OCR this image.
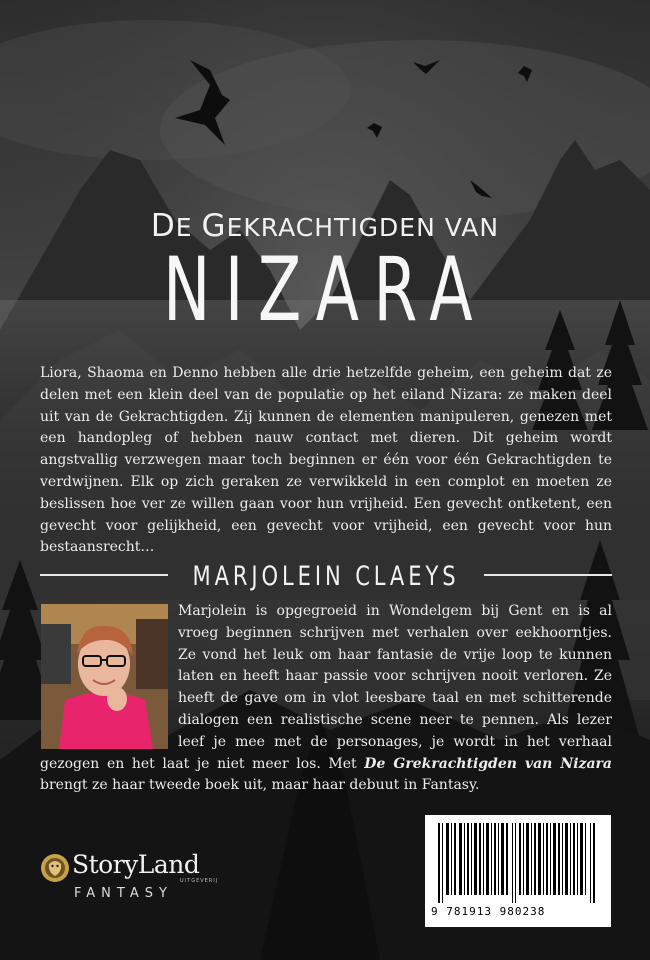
DE GEKRACHTIGDEN VAN
NIZARA

Liora, Shaoma en Denno hebben alle drie hetzelfde geheim, een geheim dat ze delen met een klein deel van de populatie op het eiland Nizara: ze maken deel uit van de Gekrachtigden. Zij kunnen de elementen manipuleren, genezen met een handopleg of hebben nauw contact met dieren. Dit geheim wordt angstvallig verzwegen maar toch beginnen er één voor één Gekrachtigden te verdwijnen. Elk op zich geraken ze verwikkeld in een complot en moeten ze beslissen hoe ver ze willen gaan voor hun vrijheid. Een gevecht ontketent, een gevecht voor gelijkheid, een gevecht voor vrijheid, een gevecht voor hun bestaansrecht…

MARJOLEIN CLAEYS

Marjolein is opgegroeid in Wondelgem bij Gent en is al vroeg beginnen schrijven met verhalen over eekhoorntjes. Ze vond het leuk om haar fantasie de vrije loop te kunnen laten en heeft haar passie voor schrijven nooit verloren. Ze heeft de gave om in vlot leesbare taal en met schitterende dialogen een realistische scene neer te pennen. Als lezer leef je mee met de personages, je wordt in het verhaal gezogen en het laat je niet meer los. Met De Grekrachtigden van Nizara brengt ze haar tweede boek uit, maar haar debuut in Fantasy.

StoryLand
UITGEVERIJ
FANTASY
9 781913 980238
